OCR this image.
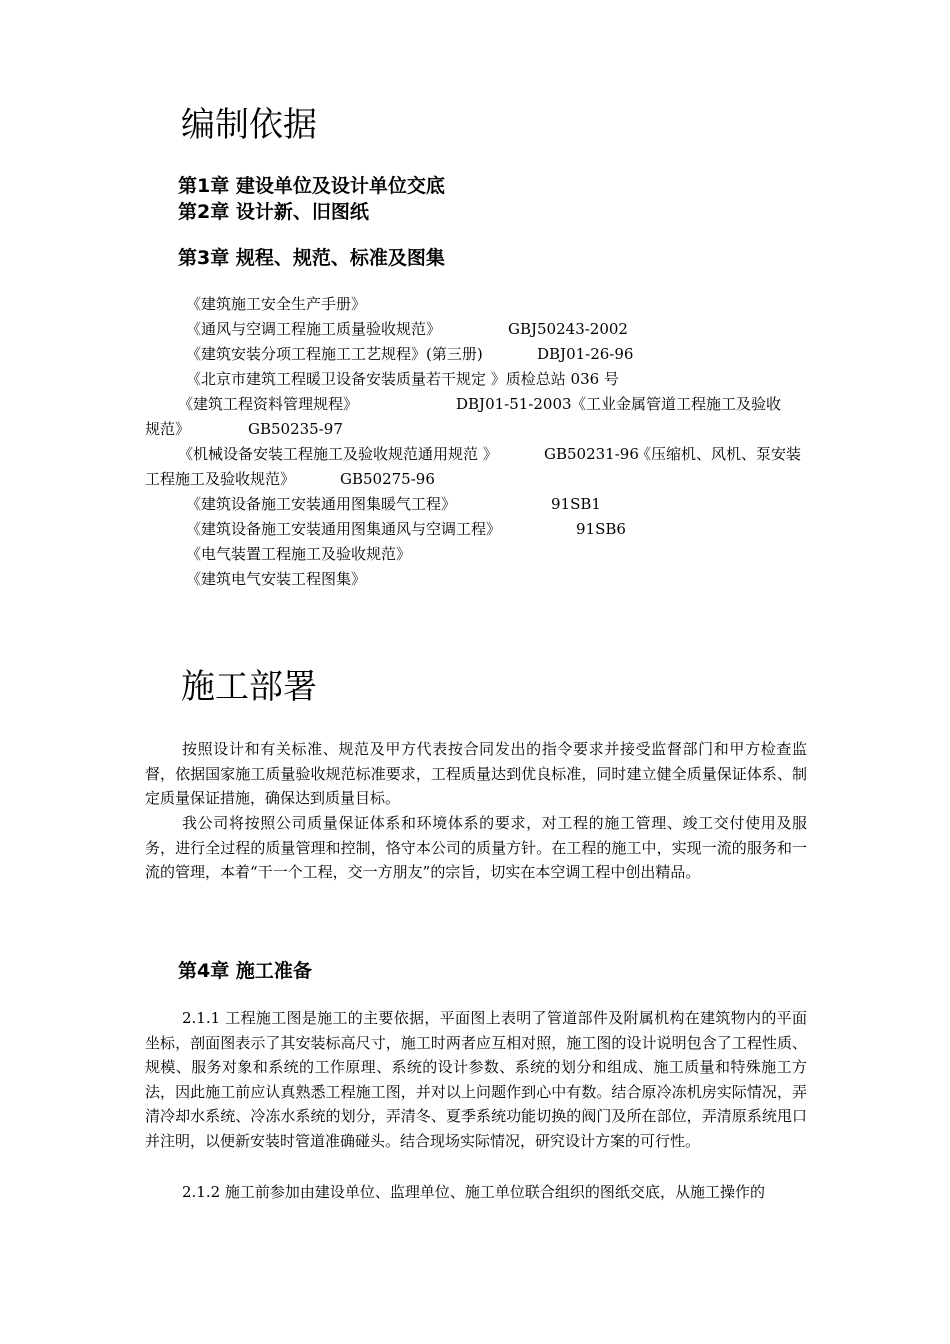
编制依据
第1章 建设单位及设计单位交底
第2章 设计新、旧图纸
第3章 规程、规范、标准及图集
《建筑施工安全生产手册》
《通风与空调工程施工质量验收规范》	GBJ50243-2002
《建筑安装分项工程施工工艺规程》(第三册)	DBJ01-26-96
《北京市建筑工程暖卫设备安装质量若干规定 》质检总站 036 号
《建筑工程资料管理规程》	DBJ01-51-2003 《工业金属管道工程施工及验收
规范》	GB50235-97
《机械设备安装工程施工及验收规范通用规范 》	GB50231-96
《压缩机、风机、泵安装
工程施工及验收规范》	GB50275-96
《建筑设备施工安装通用图集暖气工程》	91SB1
《建筑设备施工安装通用图集通风与空调工程》	91SB6
《电气装置工程施工及验收规范》
《建筑电气安装工程图集》
施工部署
按照设计和有关标准、规范及甲方代表按合同发出的指令要求并接受监督部门和甲方检查监督，依据国家施工质量验收规范标准要求，工程质量达到优良标准，同时建立健全质量保证体系、制定质量保证措施，确保达到质量目标。
我公司将按照公司质量保证体系和环境体系的要求，对工程的施工管理、竣工交付使用及服务，进行全过程的质量管理和控制，恪守本公司的质量方针。在工程的施工中，实现一流的服务和一流的管理，本着“干一个工程，交一方朋友”的宗旨，切实在本空调工程中创出精品。
第4章 施工准备
2.1.1 工程施工图是施工的主要依据，平面图上表明了管道部件及附属机构在建筑物内的平面坐标，剖面图表示了其安装标高尺寸，施工时两者应互相对照，施工图的设计说明包含了工程性质、规模、服务对象和系统的工作原理、系统的设计参数、系统的划分和组成、施工质量和特殊施工方法，因此施工前应认真熟悉工程施工图，并对以上问题作到心中有数。结合原冷冻机房实际情况，弄清冷却水系统、冷冻水系统的划分，弄清冬、夏季系统功能切换的阀门及所在部位，弄清原系统甩口并注明，以便新安装时管道准确碰头。结合现场实际情况，研究设计方案的可行性。
2.1.2 施工前参加由建设单位、监理单位、施工单位联合组织的图纸交底，从施工操作的
